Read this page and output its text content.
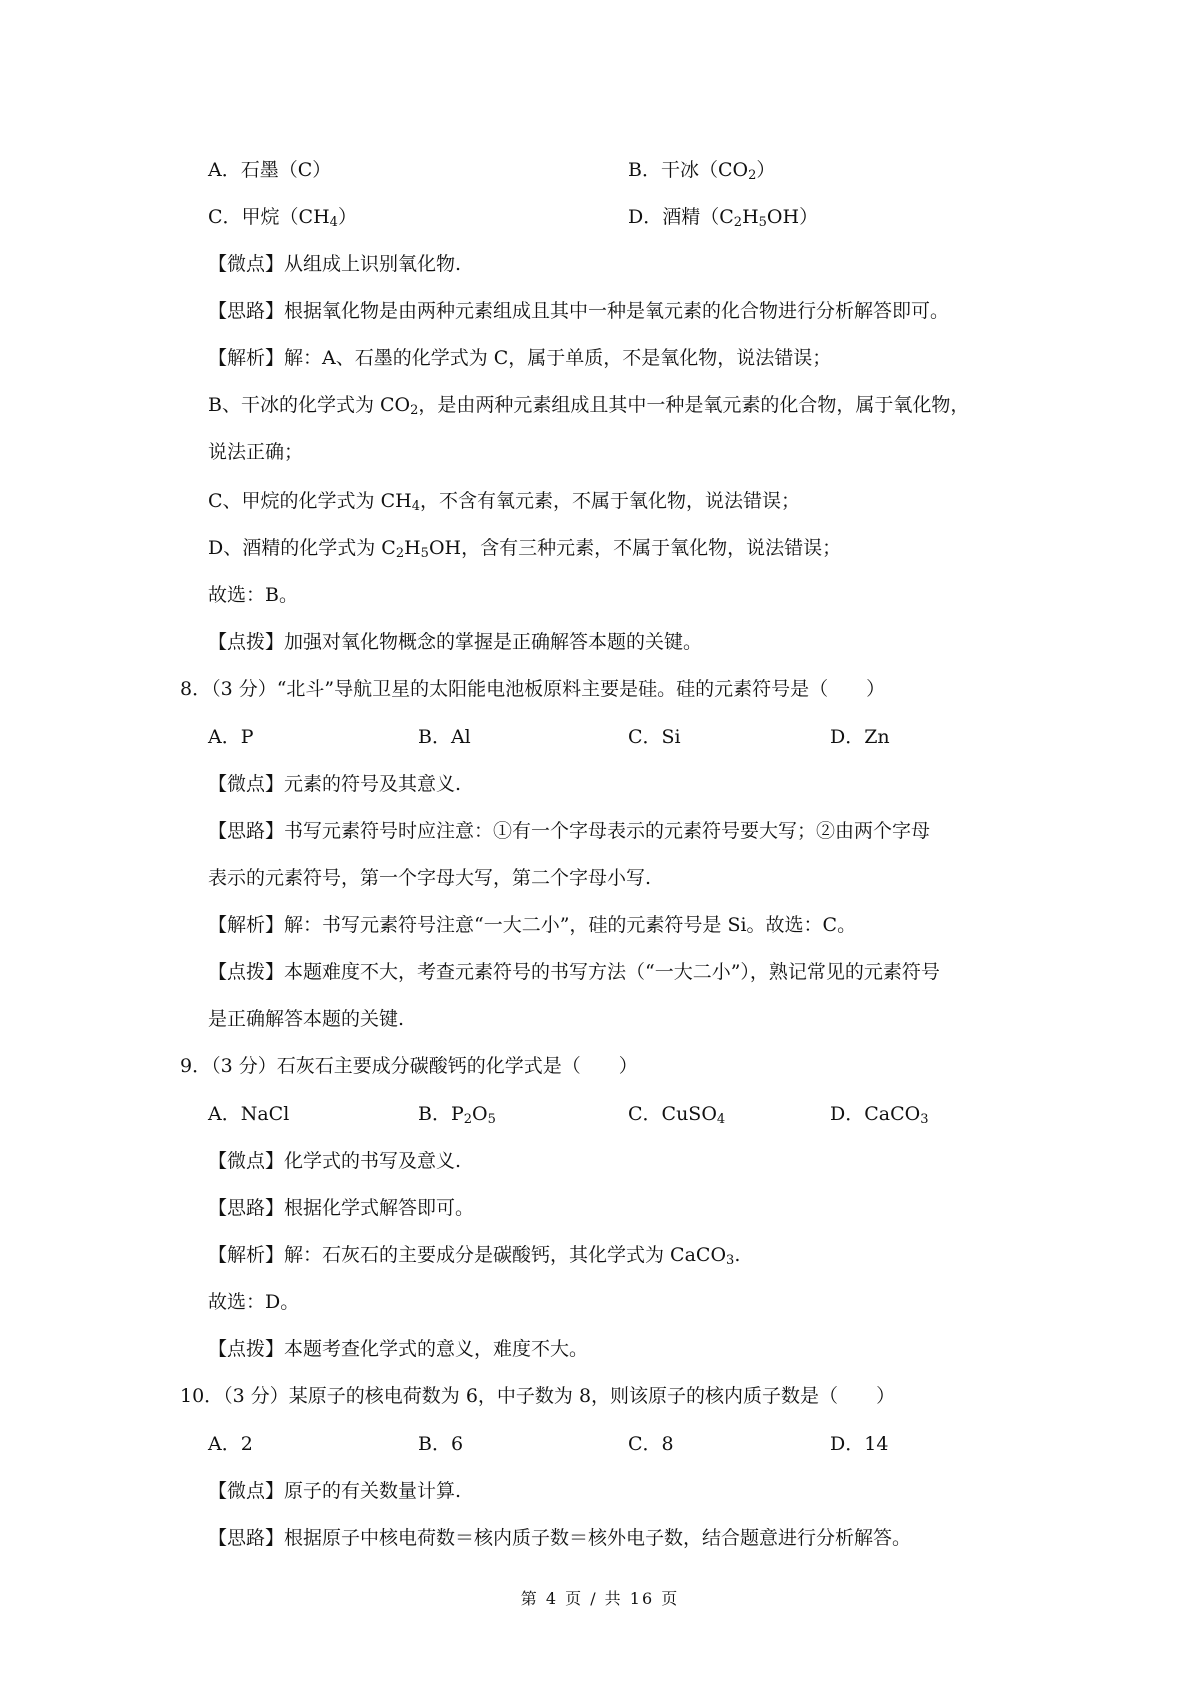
A．石墨（C）	B．干冰$(CO_2)$
C．甲烷$(CH_4)$	D．酒精$(C_2H_5OH)$
【微点】从组成上识别氧化物.
【思路】根据氧化物是由两种元素组成且其中一种是氧元素的化合物进行分析解答即可。
【解析】解：A、石墨的化学式为 C，属于单质，不是氧化物，说法错误；
B、干冰的化学式为 $CO_2$，是由两种元素组成且其中一种是氧元素的化合物，属于氧化物，
说法正确；
C、甲烷的化学式为 $CH_4$，不含有氧元素，不属于氧化物，说法错误；
D、酒精的化学式为 $C_2H_5OH$，含有三种元素，不属于氧化物，说法错误；
故选：B。
【点拨】加强对氧化物概念的掌握是正确解答本题的关键。
8．（3 分）“北斗”导航卫星的太阳能电池板原料主要是硅。硅的元素符号是（　　）
A．P	B．Al	C．Si	D．Zn
【微点】元素的符号及其意义.
【思路】书写元素符号时应注意：①有一个字母表示的元素符号要大写；②由两个字母
表示的元素符号，第一个字母大写，第二个字母小写.
【解析】解：书写元素符号注意“一大二小”，硅的元素符号是 Si。故选：C。
【点拨】本题难度不大，考查元素符号的书写方法（“一大二小”），熟记常见的元素符号
是正确解答本题的关键.
9．（3 分）石灰石主要成分碳酸钙的化学式是（　　）
A．NaCl	B．$P_2O_5$	C．CuSO$_4$	D．CaCO$_3$
【微点】化学式的书写及意义.
【思路】根据化学式解答即可。
【解析】解：石灰石的主要成分是碳酸钙，其化学式为 CaCO$_3$.
故选：D。
【点拨】本题考查化学式的意义，难度不大。
10．（3 分）某原子的核电荷数为 6，中子数为 8，则该原子的核内质子数是（　　）
A．2	B．6	C．8	D．14
【微点】原子的有关数量计算.
【思路】根据原子中核电荷数＝核内质子数＝核外电子数，结合题意进行分析解答。
第 4 页 / 共 16 页
